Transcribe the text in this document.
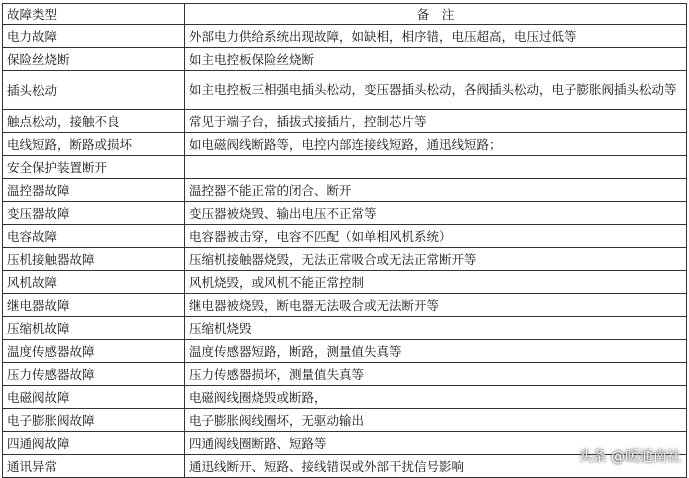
故障类型	备　注
电力故障	外部电力供给系统出现故障，如缺相，相序错，电压超高，电压过低等
保险丝烧断	如主电控板保险丝烧断
插头松动	如主电控板三相强电插头松动，变压器插头松动，各阀插头松动，电子膨胀阀插头松动等
触点松动，接触不良	常见于端子台，插拔式接插片，控制芯片等
电线短路，断路或损坏	如电磁阀线断路等，电控内部连接线短路，通迅线短路；
安全保护装置断开	
温控器故障	温控器不能正常的闭合、断开
变压器故障	变压器被烧毁、输出电压不正常等
电容故障	电容器被击穿，电容不匹配（如单相风机系统）
压机接触器故障	压缩机接触器烧毁，无法正常吸合或无法正常断开等
风机故障	风机烧毁，或风机不能正常控制
继电器故障	继电器被烧毁，断电器无法吸合或无法断开等
压缩机故障	压缩机烧毁
温度传感器故障	温度传感器短路，断路，测量值失真等
压力传感器故障	压力传感器损坏，测量值失真等
电磁阀故障	电磁阀线圈烧毁或断路，
电子膨胀阀故障	电子膨胀阀线圈坏，无驱动输出
四通阀故障	四通阀线圈断路、短路等
通讯异常	通迅线断开、短路、接线错误或外部干扰信号影响
头条 @暖通南社
